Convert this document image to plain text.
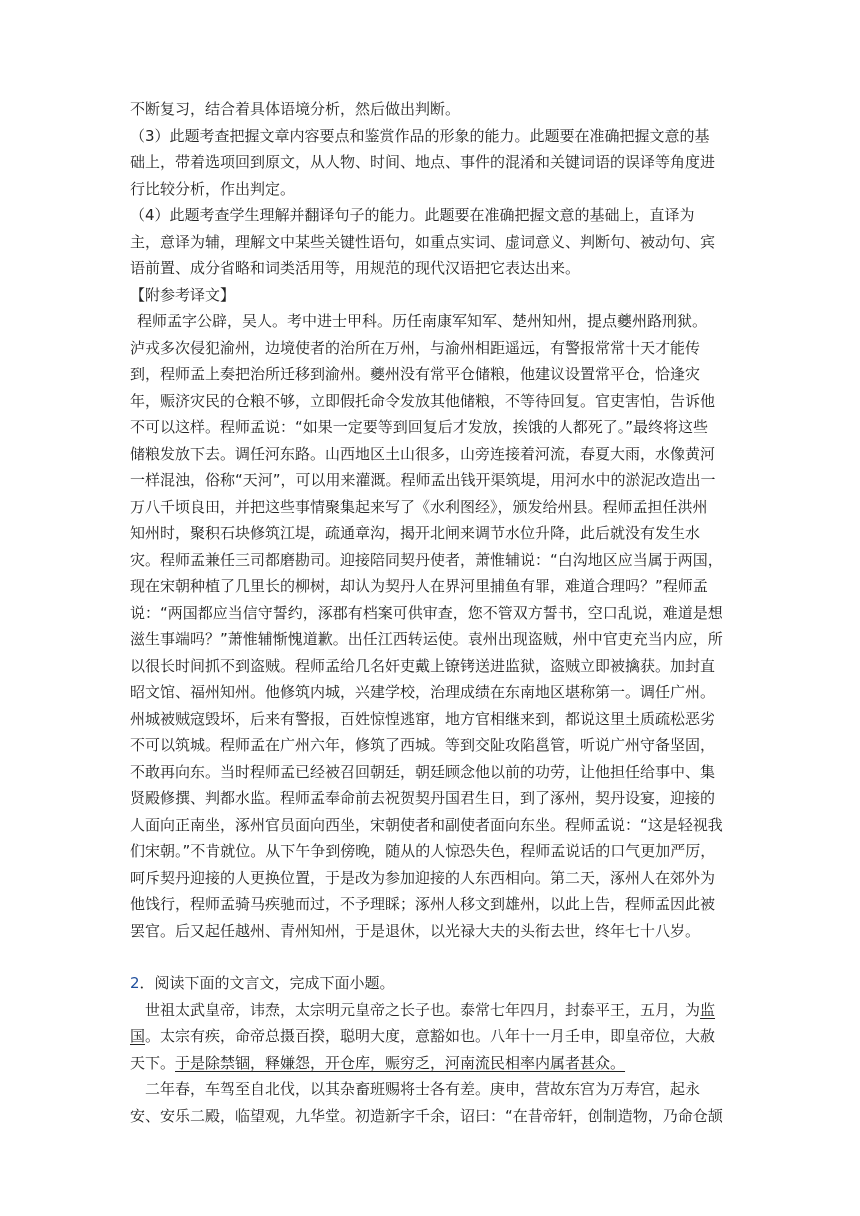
不断复习，结合着具体语境分析，然后做出判断。
（3）此题考查把握文章内容要点和鉴赏作品的形象的能力。此题要在准确把握文意的基
础上，带着选项回到原文，从人物、时间、地点、事件的混淆和关键词语的误译等角度进
行比较分析，作出判定。
（4）此题考查学生理解并翻译句子的能力。此题要在准确把握文意的基础上，直译为
主，意译为辅，理解文中某些关键性语句，如重点实词、虚词意义、判断句、被动句、宾
语前置、成分省略和词类活用等，用规范的现代汉语把它表达出来。
【附参考译文】
程师孟字公辟，吴人。考中进士甲科。历任南康军知军、楚州知州，提点夔州路刑狱。
泸戎多次侵犯渝州，边境使者的治所在万州，与渝州相距遥远，有警报常常十天才能传
到，程师孟上奏把治所迁移到渝州。夔州没有常平仓储粮，他建议设置常平仓，恰逢灾
年，赈济灾民的仓粮不够，立即假托命令发放其他储粮，不等待回复。官吏害怕，告诉他
不可以这样。程师孟说：“如果一定要等到回复后才发放，挨饿的人都死了。”最终将这些
储粮发放下去。调任河东路。山西地区土山很多，山旁连接着河流，春夏大雨，水像黄河
一样混浊，俗称“天河”，可以用来灌溉。程师孟出钱开渠筑堤，用河水中的淤泥改造出一
万八千顷良田，并把这些事情聚集起来写了《水利图经》，颁发给州县。程师孟担任洪州
知州时，聚积石块修筑江堤，疏通章沟，揭开北闸来调节水位升降，此后就没有发生水
灾。程师孟兼任三司都磨勘司。迎接陪同契丹使者，萧惟辅说：“白沟地区应当属于两国，
现在宋朝种植了几里长的柳树，却认为契丹人在界河里捕鱼有罪，难道合理吗？”程师孟
说：“两国都应当信守誓约，涿郡有档案可供审查，您不管双方誓书，空口乱说，难道是想
滋生事端吗？”萧惟辅惭愧道歉。出任江西转运使。袁州出现盗贼，州中官吏充当内应，所
以很长时间抓不到盗贼。程师孟给几名奸吏戴上镣铐送进监狱，盗贼立即被擒获。加封直
昭文馆、福州知州。他修筑内城，兴建学校，治理成绩在东南地区堪称第一。调任广州。
州城被贼寇毁坏，后来有警报，百姓惊惶逃窜，地方官相继来到，都说这里土质疏松恶劣
不可以筑城。程师孟在广州六年，修筑了西城。等到交阯攻陷邕管，听说广州守备坚固，
不敢再向东。当时程师孟已经被召回朝廷，朝廷顾念他以前的功劳，让他担任给事中、集
贤殿修撰、判都水监。程师孟奉命前去祝贺契丹国君生日，到了涿州，契丹设宴，迎接的
人面向正南坐，涿州官员面向西坐，宋朝使者和副使者面向东坐。程师孟说：“这是轻视我
们宋朝。”不肯就位。从下午争到傍晚，随从的人惊恐失色，程师孟说话的口气更加严厉，
呵斥契丹迎接的人更换位置，于是改为参加迎接的人东西相向。第二天，涿州人在郊外为
他饯行，程师孟骑马疾驰而过，不予理睬；涿州人移文到雄州，以此上告，程师孟因此被
罢官。后又起任越州、青州知州，于是退休，以光禄大夫的头衔去世，终年七十八岁。
2．阅读下面的文言文，完成下面小题。
世祖太武皇帝，讳焘，太宗明元皇帝之长子也。泰常七年四月，封泰平王，五月，为监
国。太宗有疾，命帝总摄百揆，聪明大度，意豁如也。八年十一月壬申，即皇帝位，大赦
天下。于是除禁锢，释嫌怨，开仓库，赈穷乏，河南流民相率内属者甚众。
二年春，车驾至自北伐，以其杂畜班赐将士各有差。庚申，营故东宫为万寿宫，起永
安、安乐二殿，临望观，九华堂。初造新字千余，诏曰：“在昔帝轩，创制造物，乃命仓颉
